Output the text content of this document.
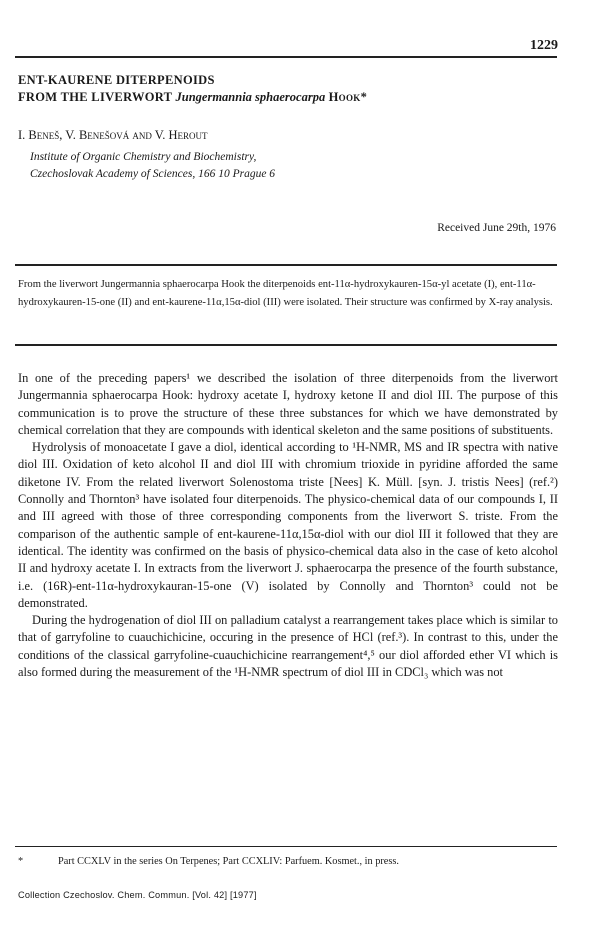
1229
ENT-KAURENE DITERPENOIDS
FROM THE LIVERWORT Jungermannia sphaerocarpa Hook*
I. Beneš, V. Benešová and V. Herout
Institute of Organic Chemistry and Biochemistry,
Czechoslovak Academy of Sciences, 166 10 Prague 6
Received June 29th, 1976
From the liverwort Jungermannia sphaerocarpa Hook the diterpenoids ent-11α-hydroxykauren-15α-yl acetate (I), ent-11α-hydroxykauren-15-one (II) and ent-kaurene-11α,15α-diol (III) were isolated. Their structure was confirmed by X-ray analysis.

In one of the preceding papers¹ we described the isolation of three diterpenoids from the liverwort Jungermannia sphaerocarpa Hook: hydroxy acetate I, hydroxy ketone II and diol III. The purpose of this communication is to prove the structure of these three substances for which we have demonstrated by chemical correlation that they are compounds with identical skeleton and the same positions of substituents.

Hydrolysis of monoacetate I gave a diol, identical according to ¹H-NMR, MS and IR spectra with native diol III. Oxidation of keto alcohol II and diol III with chromium trioxide in pyridine afforded the same diketone IV. From the related liverwort Solenostoma triste [Nees] K. Müll. [syn. J. tristis Nees] (ref.²) Connolly and Thornton³ have isolated four diterpenoids. The physico-chemical data of our compounds I, II and III agreed with those of three corresponding components from the liverwort S. triste. From the comparison of the authentic sample of ent-kaurene-11α,15α-diol with our diol III it followed that they are identical. The identity was confirmed on the basis of physico-chemical data also in the case of keto alcohol II and hydroxy acetate I. In extracts from the liverwort J. sphaerocarpa the presence of the fourth substance, i.e. (16R)-ent-11α-hydroxykauran-15-one (V) isolated by Connolly and Thornton³ could not be demonstrated.

During the hydrogenation of diol III on palladium catalyst a rearrangement takes place which is similar to that of garryfoline to cuauchichicine, occuring in the presence of HCl (ref.³). In contrast to this, under the conditions of the classical garryfoline-cuauchichicine rearrangement⁴,⁵ our diol afforded ether VI which is also formed during the measurement of the ¹H-NMR spectrum of diol III in CDCl₃ which was not

*	Part CCXLV in the series On Terpenes; Part CCXLIV: Parfuem. Kosmet., in press.
Collection Czechoslov. Chem. Commun. [Vol. 42] [1977]
